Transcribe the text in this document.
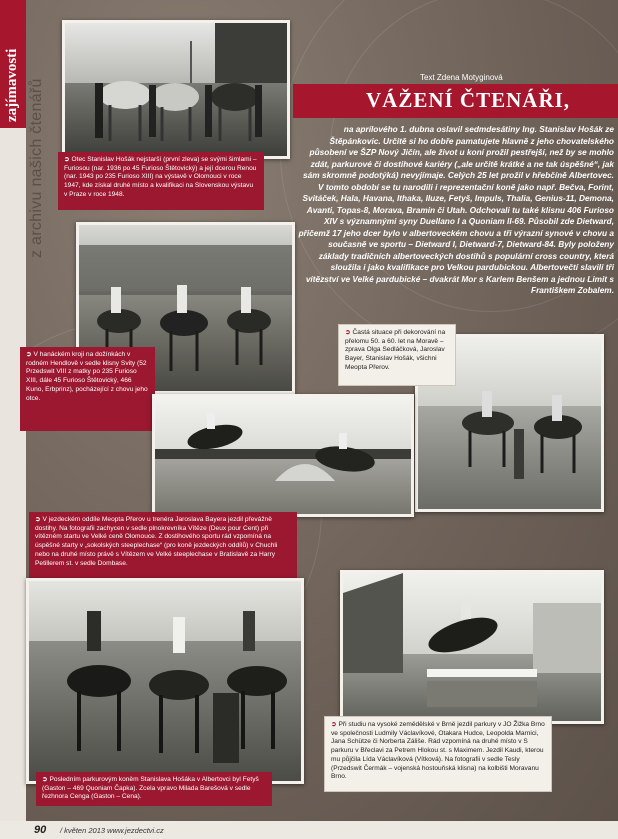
zajímavosti z archivu našich čtenářů	➲ Otec Stanislav Hošák nejstarší (první zleva) se svými šimlami – Furiosou (nar. 1936 po 45 Furioso Štětovický) a její dcerou Renou (nar. 1943 po 235 Furioso XIII) na výstavě v Olomouci v roce 1947, kde získal druhé místo a kvalifikaci na Slovenskou výstavu v Praze v roce 1948.
➲ V hanáckém kroji na dožínkách v rodném Hendlově v sedle klisny Svity (52 Przedswit VIII z matky po 235 Furioso XIII, dále 45 Furioso Štětovický, 466 Kuno, Erbprinz), pocházející z chovu jeho otce.
Text Zdena Motyginová
VÁŽENÍ ČTENÁŘI,
na aprílového 1. dubna oslavil sedmdesátiny Ing. Stanislav Hošák ze Štěpánkovic. Určitě si ho dobře pamatujete hlavně z jeho chovatelského působení ve ŠZP Nový Jičín, ale život u koní prožil pestřejší, než by se mohlo zdát, parkurové či dostihové kariéry („ale určitě krátké a ne tak úspěšné“, jak sám skromně podotýká) nevyjímaje. Celých 25 let prožil v hřebčíně Albertovec. V tomto období se tu narodili i reprezentační koně jako např. Bečva, Forint, Svitáček, Hala, Havana, Ithaka, Iluze, Fetyš, Impuls, Thalia, Genius-11, Demona, Avanti, Topas-8, Morava, Bramin či Utah. Odchovali tu také klisnu 406 Furioso XIV s významnými syny Duellano I a Quoniam II-69. Působil zde Dietward, přičemž 17 jeho dcer bylo v albertoveckém chovu a tři výrazní synové v chovu a současně ve sportu – Dietward I, Dietward-7, Dietward-84. Byly položeny základy tradičních albertoveckých dostihů s populární cross country, která sloužila i jako kvalifikace pro Velkou pardubickou. Albertovečtí slavili tři vítězství ve Velké pardubické – dvakrát Mor s Karlem Benšem a jednou Limit s Františkem Zobalem.
➲ Častá situace při dekorování na přelomu 50. a 60. let na Moravě – zprava Olga Sedláčková, Jaroslav Bayer, Stanislav Hošák, všichni Meopta Přerov.
➲ V jezdeckém oddíle Meopta Přerov u trenéra Jaroslava Bayera jezdil převážně dostihy. Na fotografii zachycen v sedle plnokrevníka Vítěze (Deux pour Cent) při vítězném startu ve Velké ceně Olomouce. Z dostihového sportu rád vzpomíná na úspěšné starty v „sokolských steeplechase“ (pro koně jezdeckých oddílů) v Chuchli nebo na druhé místo právě s Vítězem ve Velké steeplechase v Bratislavě za Harry Petillerem st. v sedle Dombase.
➲ Při studiu na vysoké zemědělské v Brně jezdil parkury v JO Žižka Brno ve společnosti Ludmily Václavíkové, Otakara Hudce, Leopolda Marnici, Jana Schütze či Norberta Záliše. Rád vzpomíná na druhé místo v S parkuru v Břeclavi za Petrem Hlokou st. s Maximem. Jezdil Kaudi, kterou mu půjčila Lída Václavíková (Vítková). Na fotografii v sedle Tesly (Przedswit Čermák – vojenská hostouňská klisna) na kolbišti Moravanu Brno.
➲ Posledním parkurovým koněm Stanislava Hošáka v Albertovci byl Fetyš (Gaston – 469 Quoniam Čapka). Zcela vpravo Milada Barešová v sedle řezhnora Cenga (Gaston – Cena).
90 / květen 2013 www.jezdectvi.cz
